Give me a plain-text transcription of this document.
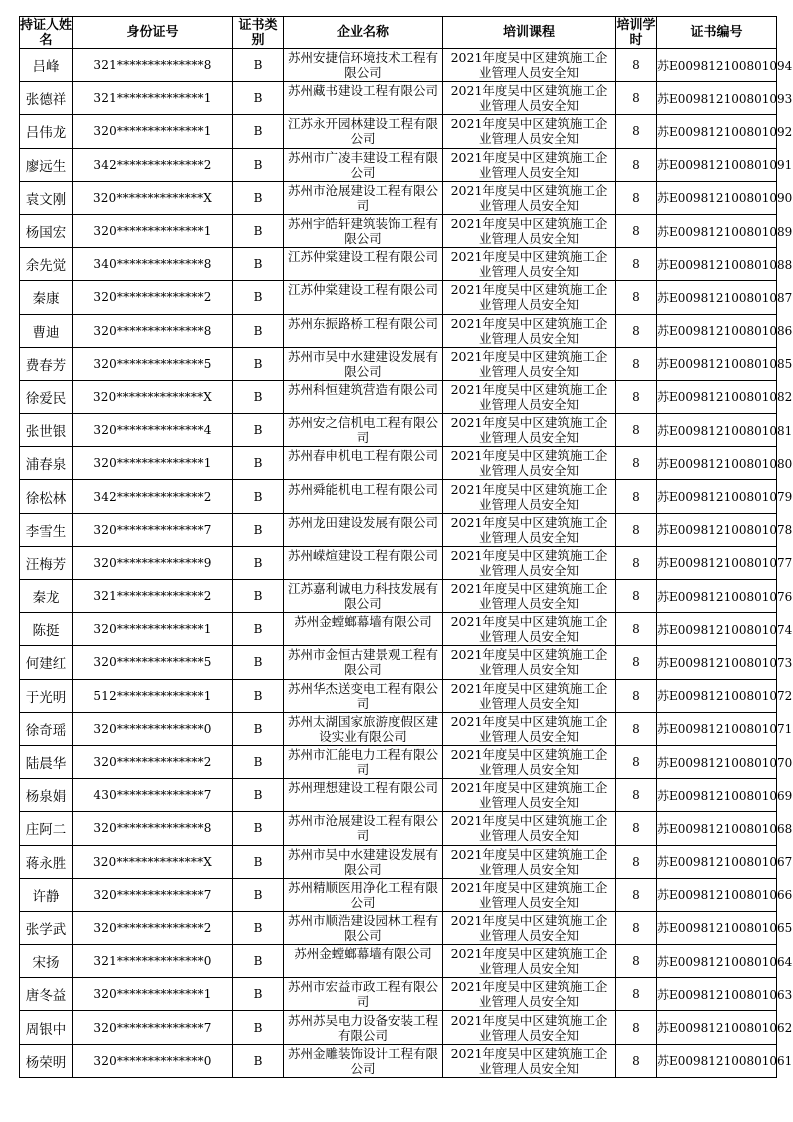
持证人姓名	身份证号	证书类别	企业名称	培训课程	培训学时	证书编号
吕峰	321**************8	B	苏州安捷信环境技术工程有限公司	2021年度吴中区建筑施工企业管理人员安全知	8	苏E009812100801094
张德祥	321**************1	B	苏州藏书建设工程有限公司	2021年度吴中区建筑施工企业管理人员安全知	8	苏E009812100801093
吕伟龙	320**************1	B	江苏永开园林建设工程有限公司	2021年度吴中区建筑施工企业管理人员安全知	8	苏E009812100801092
廖远生	342**************2	B	苏州市广凌丰建设工程有限公司	2021年度吴中区建筑施工企业管理人员安全知	8	苏E009812100801091
袁文刚	320**************X	B	苏州市沧展建设工程有限公司	2021年度吴中区建筑施工企业管理人员安全知	8	苏E009812100801090
杨国宏	320**************1	B	苏州宇皓轩建筑装饰工程有限公司	2021年度吴中区建筑施工企业管理人员安全知	8	苏E009812100801089
余先觉	340**************8	B	江苏仲棠建设工程有限公司	2021年度吴中区建筑施工企业管理人员安全知	8	苏E009812100801088
秦康	320**************2	B	江苏仲棠建设工程有限公司	2021年度吴中区建筑施工企业管理人员安全知	8	苏E009812100801087
曹迪	320**************8	B	苏州东振路桥工程有限公司	2021年度吴中区建筑施工企业管理人员安全知	8	苏E009812100801086
费春芳	320**************5	B	苏州市吴中水建建设发展有限公司	2021年度吴中区建筑施工企业管理人员安全知	8	苏E009812100801085
徐爱民	320**************X	B	苏州科恒建筑营造有限公司	2021年度吴中区建筑施工企业管理人员安全知	8	苏E009812100801082
张世银	320**************4	B	苏州安之信机电工程有限公司	2021年度吴中区建筑施工企业管理人员安全知	8	苏E009812100801081
浦春泉	320**************1	B	苏州春申机电工程有限公司	2021年度吴中区建筑施工企业管理人员安全知	8	苏E009812100801080
徐松林	342**************2	B	苏州舜能机电工程有限公司	2021年度吴中区建筑施工企业管理人员安全知	8	苏E009812100801079
李雪生	320**************7	B	苏州龙田建设发展有限公司	2021年度吴中区建筑施工企业管理人员安全知	8	苏E009812100801078
汪梅芳	320**************9	B	苏州嵘煊建设工程有限公司	2021年度吴中区建筑施工企业管理人员安全知	8	苏E009812100801077
秦龙	321**************2	B	江苏嘉利诚电力科技发展有限公司	2021年度吴中区建筑施工企业管理人员安全知	8	苏E009812100801076
陈挺	320**************1	B	苏州金螳螂幕墙有限公司	2021年度吴中区建筑施工企业管理人员安全知	8	苏E009812100801074
何建红	320**************5	B	苏州市金恒古建景观工程有限公司	2021年度吴中区建筑施工企业管理人员安全知	8	苏E009812100801073
于光明	512**************1	B	苏州华杰送变电工程有限公司	2021年度吴中区建筑施工企业管理人员安全知	8	苏E009812100801072
徐奇瑶	320**************0	B	苏州太湖国家旅游度假区建设实业有限公司	2021年度吴中区建筑施工企业管理人员安全知	8	苏E009812100801071
陆晨华	320**************2	B	苏州市汇能电力工程有限公司	2021年度吴中区建筑施工企业管理人员安全知	8	苏E009812100801070
杨泉娟	430**************7	B	苏州理想建设工程有限公司	2021年度吴中区建筑施工企业管理人员安全知	8	苏E009812100801069
庄阿二	320**************8	B	苏州市沧展建设工程有限公司	2021年度吴中区建筑施工企业管理人员安全知	8	苏E009812100801068
蒋永胜	320**************X	B	苏州市吴中水建建设发展有限公司	2021年度吴中区建筑施工企业管理人员安全知	8	苏E009812100801067
许静	320**************7	B	苏州精顺医用净化工程有限公司	2021年度吴中区建筑施工企业管理人员安全知	8	苏E009812100801066
张学武	320**************2	B	苏州市顺浩建设园林工程有限公司	2021年度吴中区建筑施工企业管理人员安全知	8	苏E009812100801065
宋扬	321**************0	B	苏州金螳螂幕墙有限公司	2021年度吴中区建筑施工企业管理人员安全知	8	苏E009812100801064
唐冬益	320**************1	B	苏州市宏益市政工程有限公司	2021年度吴中区建筑施工企业管理人员安全知	8	苏E009812100801063
周银中	320**************7	B	苏州苏吴电力设备安装工程有限公司	2021年度吴中区建筑施工企业管理人员安全知	8	苏E009812100801062
杨荣明	320**************0	B	苏州金雕装饰设计工程有限公司	2021年度吴中区建筑施工企业管理人员安全知	8	苏E009812100801061
